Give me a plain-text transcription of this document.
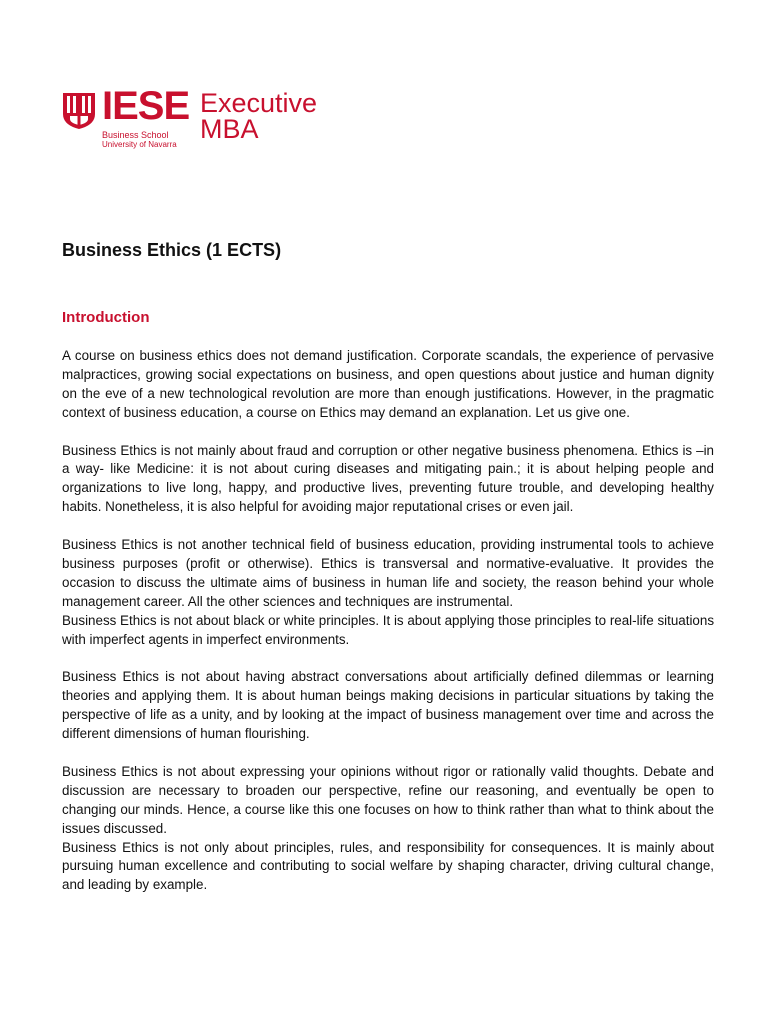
IESE
Business School
University of Navarra
Executive
MBA
Business Ethics (1 ECTS)
Introduction

A course on business ethics does not demand justification. Corporate scandals, the experience of pervasive malpractices, growing social expectations on business, and open questions about justice and human dignity on the eve of a new technological revolution are more than enough justifications. However, in the pragmatic context of business education, a course on Ethics may demand an explanation. Let us give one.

Business Ethics is not mainly about fraud and corruption or other negative business phenomena. Ethics is –in a way- like Medicine: it is not about curing diseases and mitigating pain.; it is about helping people and organizations to live long, happy, and productive lives, preventing future trouble, and developing healthy habits. Nonetheless, it is also helpful for avoiding major reputational crises or even jail.

Business Ethics is not another technical field of business education, providing instrumental tools to achieve business purposes (profit or otherwise). Ethics is transversal and normative-evaluative. It provides the occasion to discuss the ultimate aims of business in human life and society, the reason behind your whole management career. All the other sciences and techniques are instrumental.

Business Ethics is not about black or white principles. It is about applying those principles to real-life situations with imperfect agents in imperfect environments.

Business Ethics is not about having abstract conversations about artificially defined dilemmas or learning theories and applying them. It is about human beings making decisions in particular situations by taking the perspective of life as a unity, and by looking at the impact of business management over time and across the different dimensions of human flourishing.

Business Ethics is not about expressing your opinions without rigor or rationally valid thoughts. Debate and discussion are necessary to broaden our perspective, refine our reasoning, and eventually be open to changing our minds. Hence, a course like this one focuses on how to think rather than what to think about the issues discussed.

Business Ethics is not only about principles, rules, and responsibility for consequences. It is mainly about pursuing human excellence and contributing to social welfare by shaping character, driving cultural change, and leading by example.
